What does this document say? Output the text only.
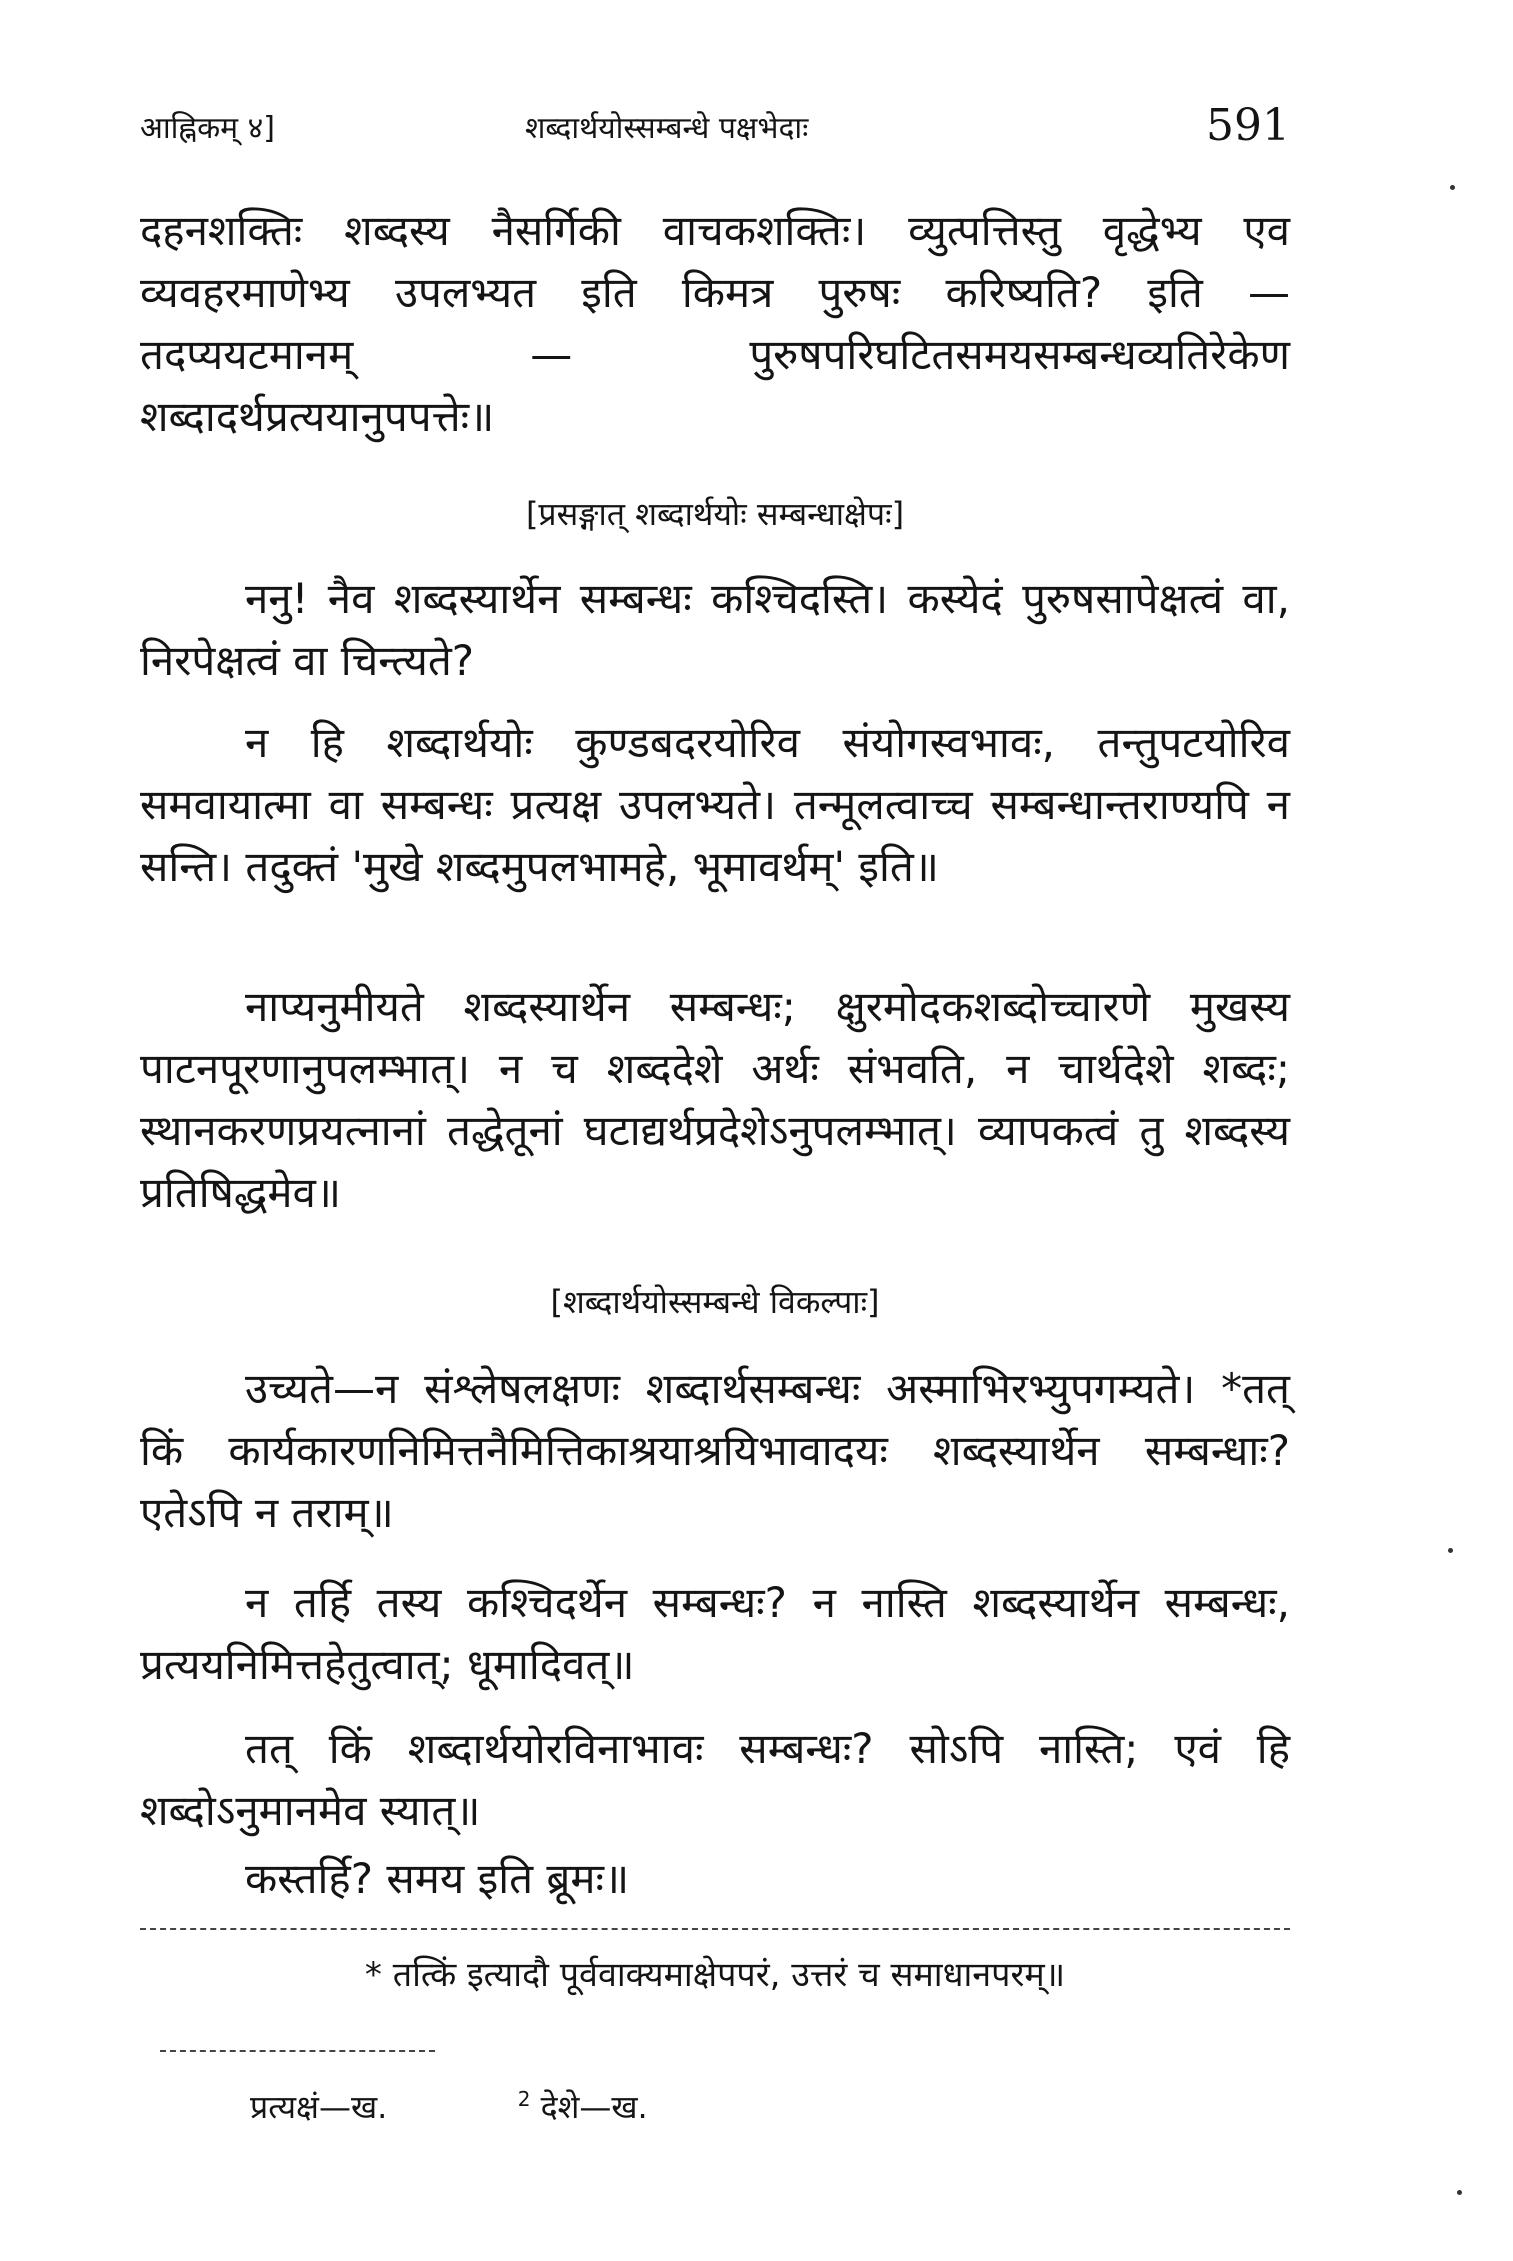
आह्निकम् ४]	शब्दार्थयोस्सम्बन्धे पक्षभेदाः	591

दहनशक्तिः शब्दस्य नैसर्गिकी वाचकशक्तिः। व्युत्पत्तिस्तु वृद्धेभ्य एव व्यवहरमाणेभ्य उपलभ्यत इति किमत्र पुरुषः करिष्यति? इति — तदप्ययटमानम् — पुरुषपरिघटितसमयसम्बन्धव्यतिरेकेण शब्दादर्थप्रत्ययानुपपत्तेः॥

[प्रसङ्गात् शब्दार्थयोः सम्बन्धाक्षेपः]

ननु! नैव शब्दस्यार्थेन सम्बन्धः कश्चिदस्ति। कस्येदं पुरुषसापेक्षत्वं वा, निरपेक्षत्वं वा चिन्त्यते?

न हि शब्दार्थयोः कुण्डबदरयोरिव संयोगस्वभावः, तन्तुपटयोरिव समवायात्मा वा सम्बन्धः प्रत्यक्ष उपलभ्यते। तन्मूलत्वाच्च सम्बन्धान्तराण्यपि न सन्ति। तदुक्तं 'मुखे शब्दमुपलभामहे, भूमावर्थम्' इति॥

नाप्यनुमीयते शब्दस्यार्थेन सम्बन्धः; क्षुरमोदकशब्दोच्चारणे मुखस्य पाटनपूरणानुपलम्भात्। न च शब्ददेशे अर्थः संभवति, न चार्थदेशे शब्दः; स्थानकरणप्रयत्नानां तद्धेतूनां घटाद्यर्थप्रदेशेऽनुपलम्भात्। व्यापकत्वं तु शब्दस्य प्रतिषिद्धमेव॥

[शब्दार्थयोस्सम्बन्धे विकल्पाः]

उच्यते—न संश्लेषलक्षणः शब्दार्थसम्बन्धः अस्माभिरभ्युपगम्यते। *तत् किं कार्यकारणनिमित्तनैमित्तिकाश्रयाश्रयिभावादयः शब्दस्यार्थेन सम्बन्धाः? एतेऽपि न तराम्॥

न तर्हि तस्य कश्चिदर्थेन सम्बन्धः? न नास्ति शब्दस्यार्थेन सम्बन्धः, प्रत्ययनिमित्तहेतुत्वात्; धूमादिवत्॥

तत् किं शब्दार्थयोरविनाभावः सम्बन्धः? सोऽपि नास्ति; एवं हि शब्दोऽनुमानमेव स्यात्॥

कस्तर्हि? समय इति ब्रूमः॥

* तत्किं इत्यादौ पूर्ववाक्यमाक्षेपपरं, उत्तरं च समाधानपरम्॥

प्रत्यक्षं—ख.	2 देशे—ख.
